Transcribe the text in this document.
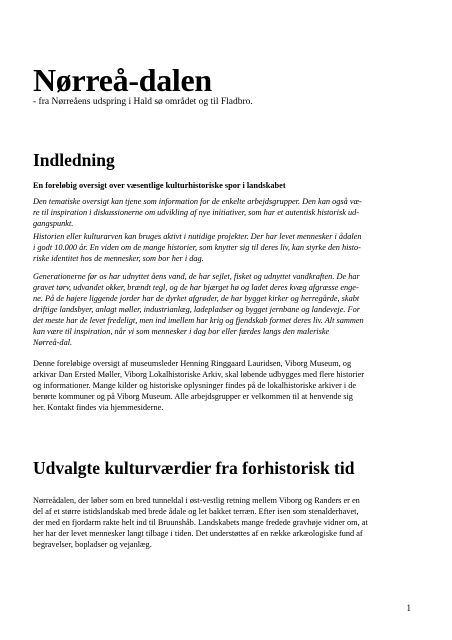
Nørreå-dalen

- fra Nørreåens udspring i Hald sø området og til Fladbro.

Indledning

En foreløbig oversigt over væsentlige kulturhistoriske spor i landskabet

Den tematiske oversigt kan tjene som information for de enkelte arbejdsgrupper. Den kan også væ-
re til inspiration i diskussionerne om udvikling af nye initiativer, som har et autentisk historisk ud-
gangspunkt.

Historien eller kulturarven kan bruges aktivt i nutidige projekter. Der har levet mennesker i ådalen
i godt 10.000 år. En viden om de mange historier, som knytter sig til deres liv, kan styrke den histo-
riske identitet hos de mennesker, som bor her i dag.

Generationerne før os har udnyttet åens vand, de har sejlet, fisket og udnyttet vandkraften. De har
gravet tørv, udvandet okker, brændt tegl, og de har bjærget hø og ladet deres kvæg afgræsse enge-
ne. På de højere liggende jorder har de dyrket afgrøder, de har bygget kirker og herregårde, skabt
driftige landsbyer, anlagt møller, industrianlæg, ladepladser og bygget jernbane og landeveje. For
det meste har de levet fredeligt, men ind imellem har krig og fjendskab formet deres liv. Alt sammen
kan være til inspiration, når vi som mennesker i dag bor eller færdes langs den maleriske
Nørreå-dal.

Denne foreløbige oversigt af museumsleder Henning Ringgaard Lauridsen, Viborg Museum, og
arkivar Dan Ersted Møller, Viborg Lokalhistoriske Arkiv, skal løbende udbygges med flere historier
og informationer. Mange kilder og historiske oplysninger findes på de lokalhistoriske arkiver i de
berørte kommuner og på Viborg Museum. Alle arbejdsgrupper er velkommen til at henvende sig
her. Kontakt findes via hjemmesiderne.

Udvalgte kulturværdier fra forhistorisk tid

Nørreådalen, der løber som en bred tunneldal i øst-vestlig retning mellem Viborg og Randers er en
del af et større istidslandskab med brede ådale og let bakket terræn. Efter isen som stenalderhavet,
der med en fjordarm rakte helt ind til Bruunshåb. Landskabets mange fredede gravhøje vidner om, at
her har der levet mennesker langt tilbage i tiden. Det understøttes af en række arkæologiske fund af
begravelser, bopladser og vejanlæg.

1
